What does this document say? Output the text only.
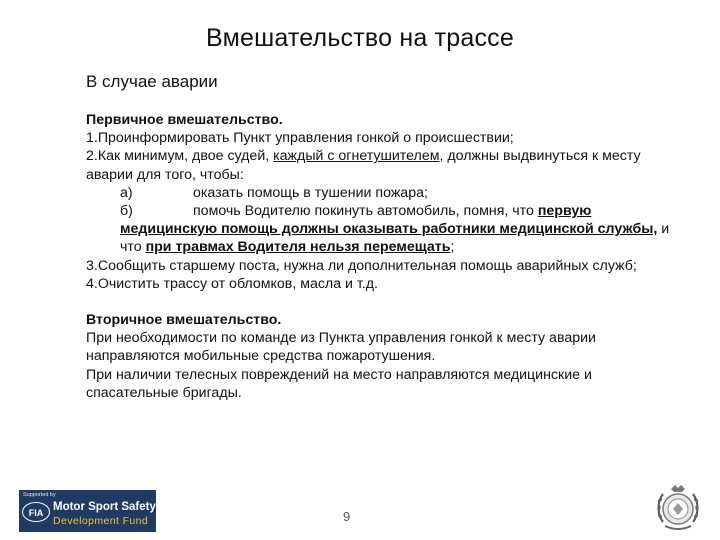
Вмешательство на трассе
В случае аварии

Первичное вмешательство.

1.Проинформировать Пункт управления гонкой о происшествии;

2.Как минимум, двое судей, каждый с огнетушителем, должны выдвинуться к месту аварии для того, чтобы:

а)	оказать помощь в тушении пожара;

б)	помочь Водителю покинуть автомобиль, помня, что первую медицинскую помощь должны оказывать работники медицинской службы, и что при травмах Водителя нельзя перемещать;

3.Сообщить старшему поста, нужна ли дополнительная помощь аварийных служб;

4.Очистить трассу от обломков, масла и т.д.

Вторичное вмешательство.

При необходимости по команде из Пункта управления гонкой к месту аварии направляются мобильные средства пожаротушения.

При наличии телесных повреждений на место направляются медицинские и спасательные бригады.

Supported by
FIA Motor Sport Safety
Development Fund	9
